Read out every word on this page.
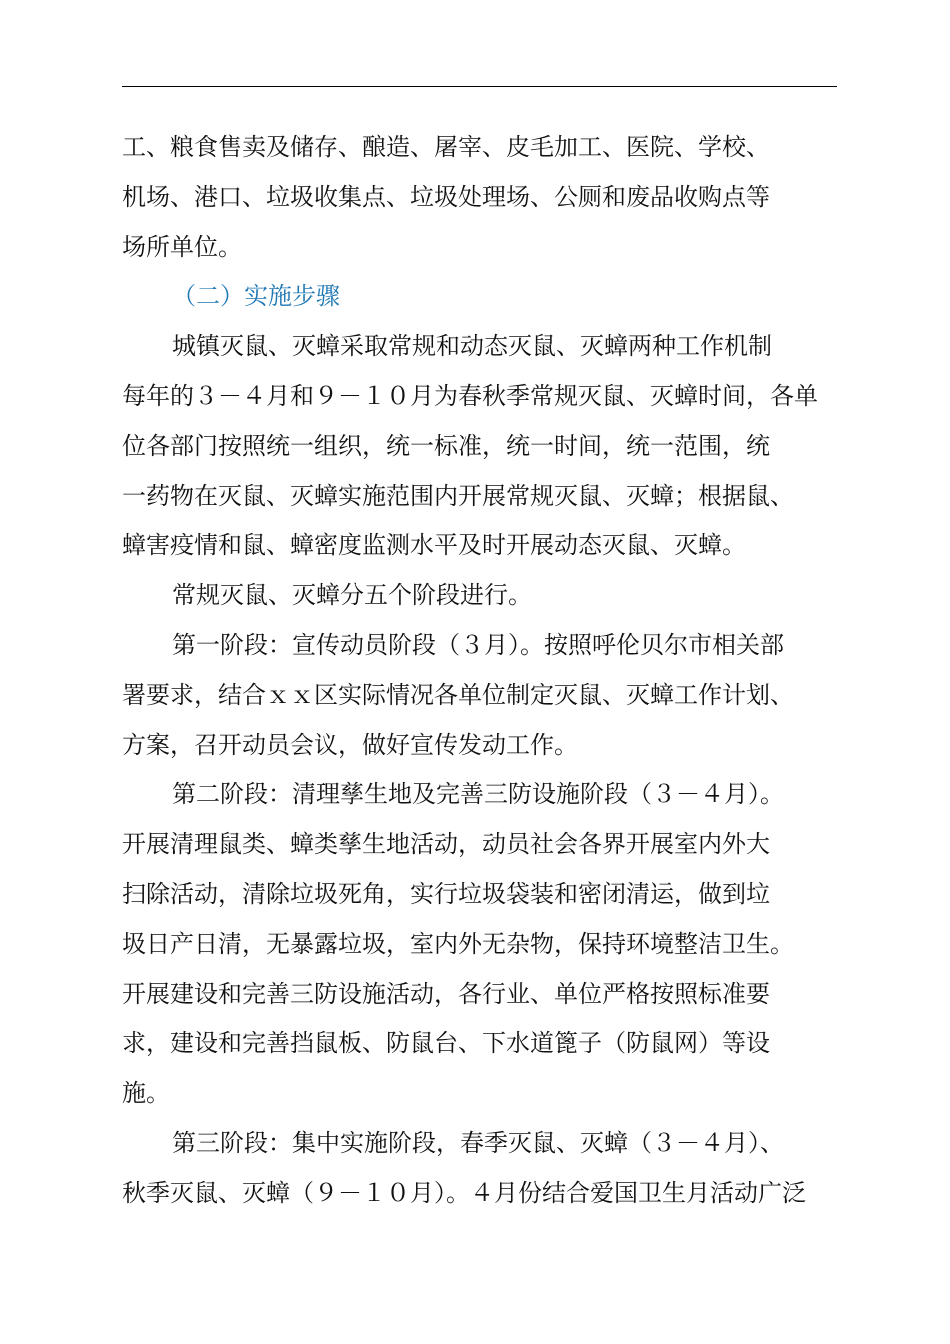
工、粮食售卖及储存、酿造、屠宰、皮毛加工、医院、学校、
机场、港口、垃圾收集点、垃圾处理场、公厕和废品收购点等
场所单位。
（二）实施步骤
城镇灭鼠、灭蟑采取常规和动态灭鼠、灭蟑两种工作机制
每年的３－４月和９－１０月为春秋季常规灭鼠、灭蟑时间，各单
位各部门按照统一组织，统一标准，统一时间，统一范围，统
一药物在灭鼠、灭蟑实施范围内开展常规灭鼠、灭蟑；根据鼠、
蟑害疫情和鼠、蟑密度监测水平及时开展动态灭鼠、灭蟑。
常规灭鼠、灭蟑分五个阶段进行。
第一阶段：宣传动员阶段（３月）。按照呼伦贝尔市相关部
署要求，结合ｘｘ区实际情况各单位制定灭鼠、灭蟑工作计划、
方案，召开动员会议，做好宣传发动工作。
第二阶段：清理孳生地及完善三防设施阶段（３－４月）。
开展清理鼠类、蟑类孳生地活动，动员社会各界开展室内外大
扫除活动，清除垃圾死角，实行垃圾袋装和密闭清运，做到垃
圾日产日清，无暴露垃圾，室内外无杂物，保持环境整洁卫生。
开展建设和完善三防设施活动，各行业、单位严格按照标准要
求，建设和完善挡鼠板、防鼠台、下水道篦子（防鼠网）等设
施。
第三阶段：集中实施阶段，春季灭鼠、灭蟑（３－４月）、
秋季灭鼠、灭蟑（９－１０月）。４月份结合爱国卫生月活动广泛
